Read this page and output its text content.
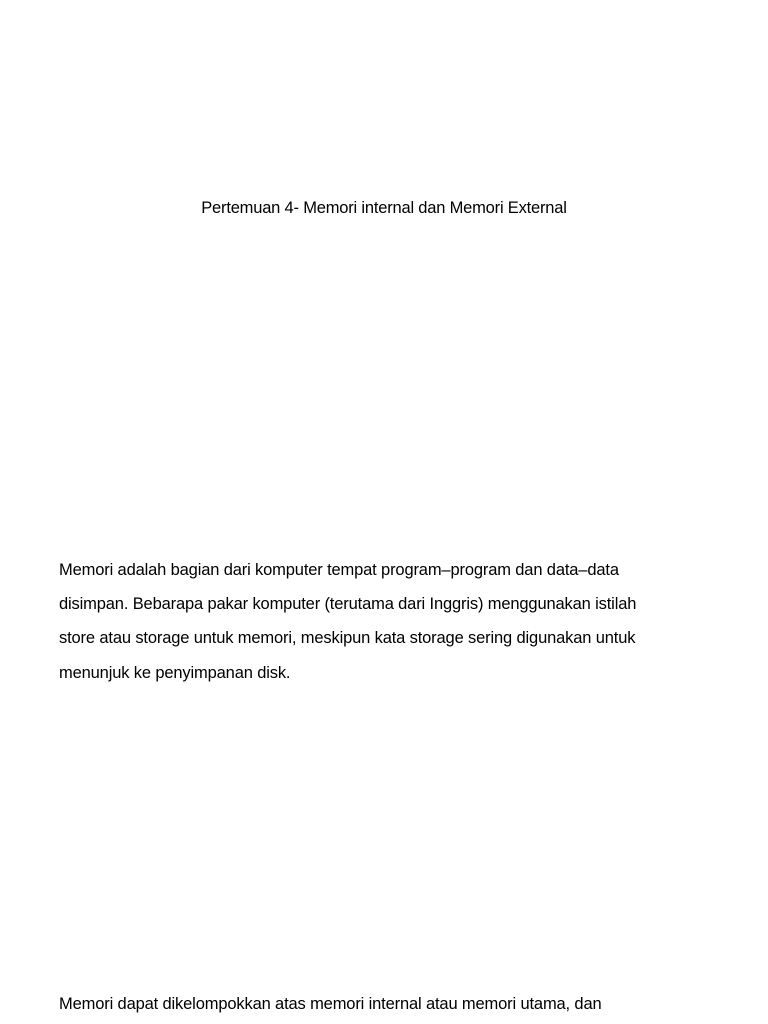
Pertemuan 4- Memori internal dan Memori External

Memori adalah bagian dari komputer tempat program–program dan data–data
disimpan. Bebarapa pakar komputer (terutama dari Inggris) menggunakan istilah
store atau storage untuk memori, meskipun kata storage sering digunakan untuk
menunjuk ke penyimpanan disk.

Memori dapat dikelompokkan atas memori internal atau memori utama, dan
